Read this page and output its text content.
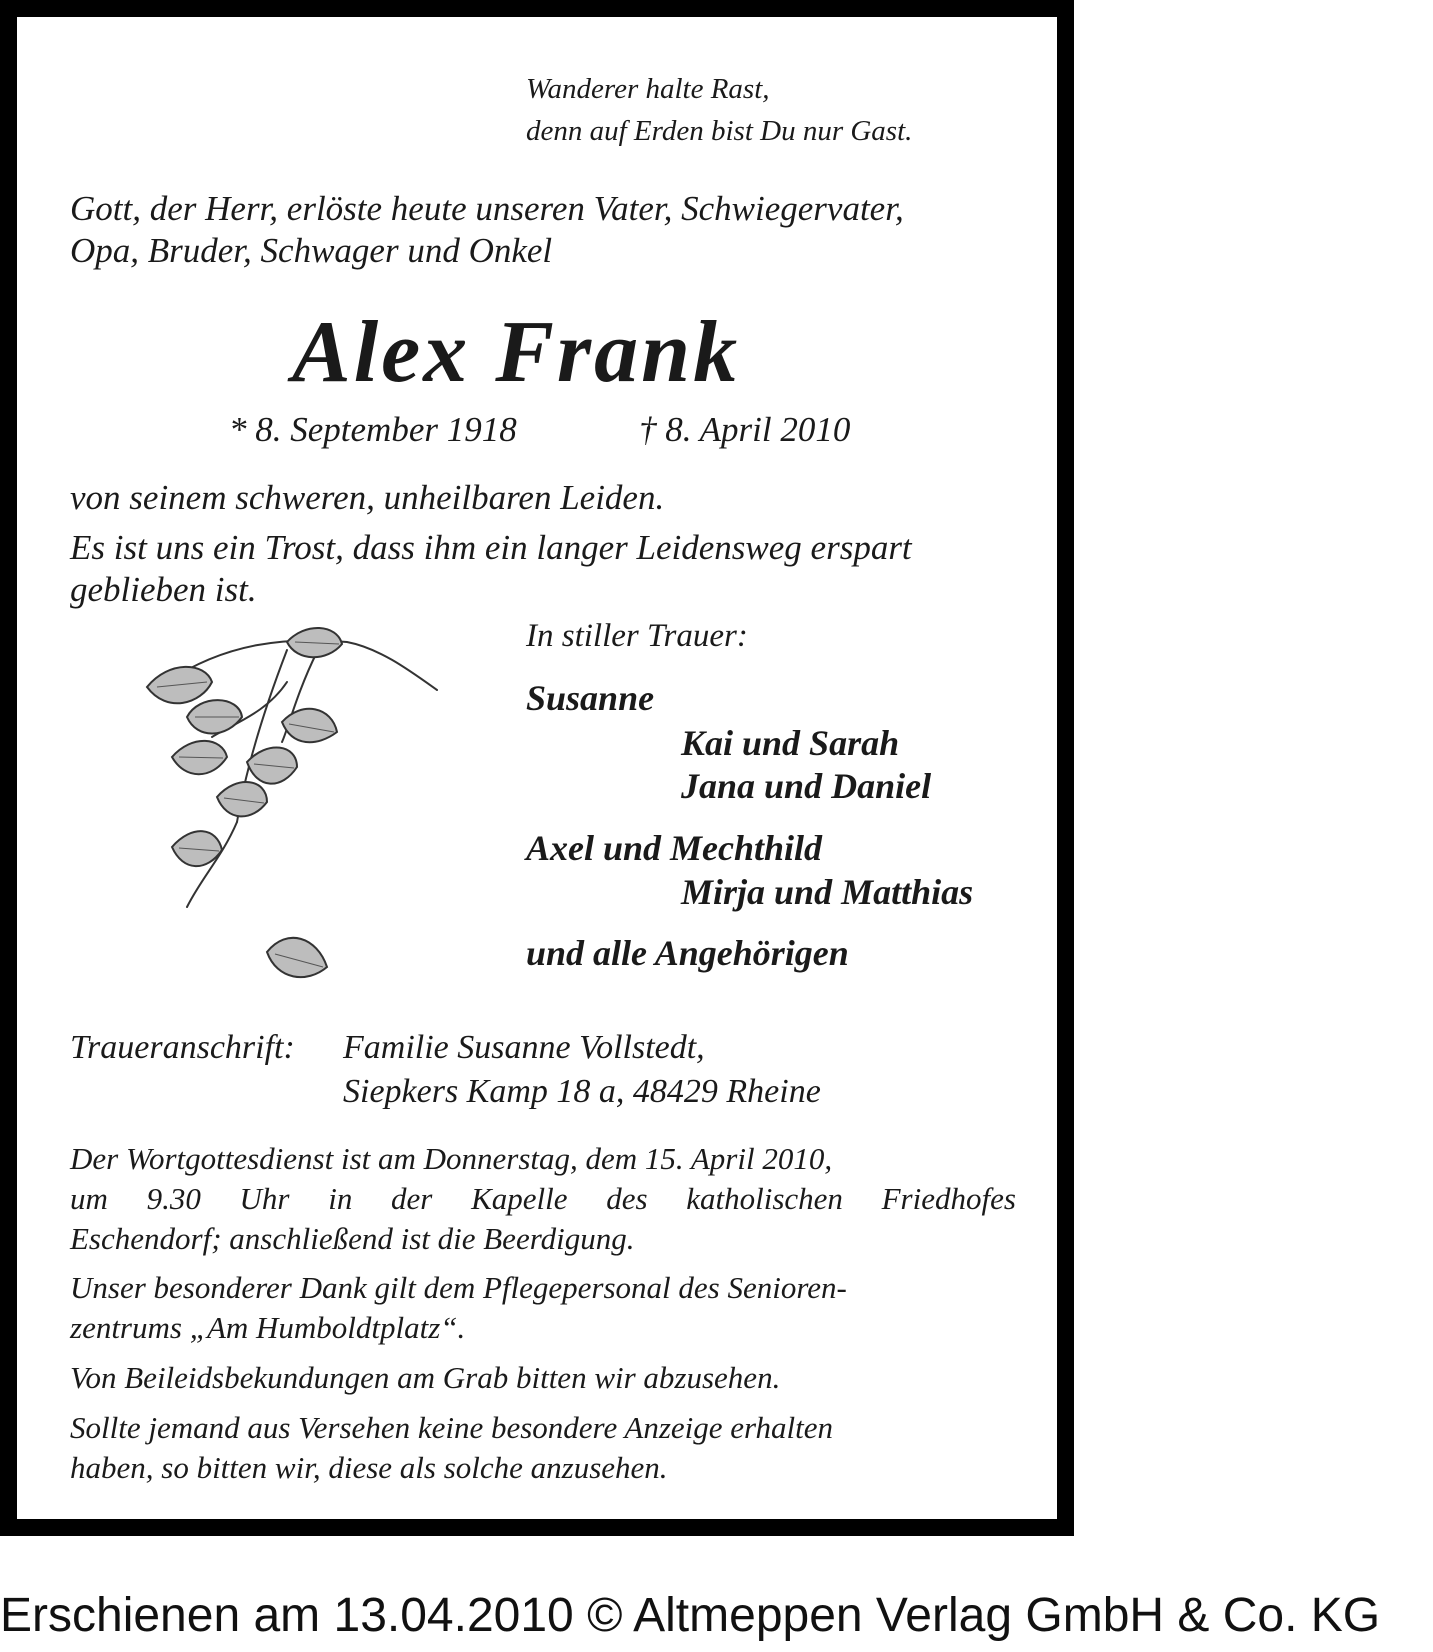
Wanderer halte Rast,
denn auf Erden bist Du nur Gast.
Gott, der Herr, erlöste heute unseren Vater, Schwiegervater,
Opa, Bruder, Schwager und Onkel
Alex Frank
* 8. September 1918	† 8. April 2010
von seinem schweren, unheilbaren Leiden.
Es ist uns ein Trost, dass ihm ein langer Leidensweg erspart
geblieben ist.
In stiller Trauer:
Susanne
Kai und Sarah
Jana und Daniel
Axel und Mechthild
Mirja und Matthias
und alle Angehörigen
Traueranschrift: Familie Susanne Vollstedt,
Siepkers Kamp 18 a, 48429 Rheine
Der Wortgottesdienst ist am Donnerstag, dem 15. April 2010,
um 9.30 Uhr in der Kapelle des katholischen Friedhofes
Eschendorf; anschließend ist die Beerdigung.
Unser besonderer Dank gilt dem Pflegepersonal des Senioren-
zentrums „Am Humboldtplatz“.
Von Beileidsbekundungen am Grab bitten wir abzusehen.
Sollte jemand aus Versehen keine besondere Anzeige erhalten
haben, so bitten wir, diese als solche anzusehen.
Erschienen am 13.04.2010 © Altmeppen Verlag GmbH & Co. KG
